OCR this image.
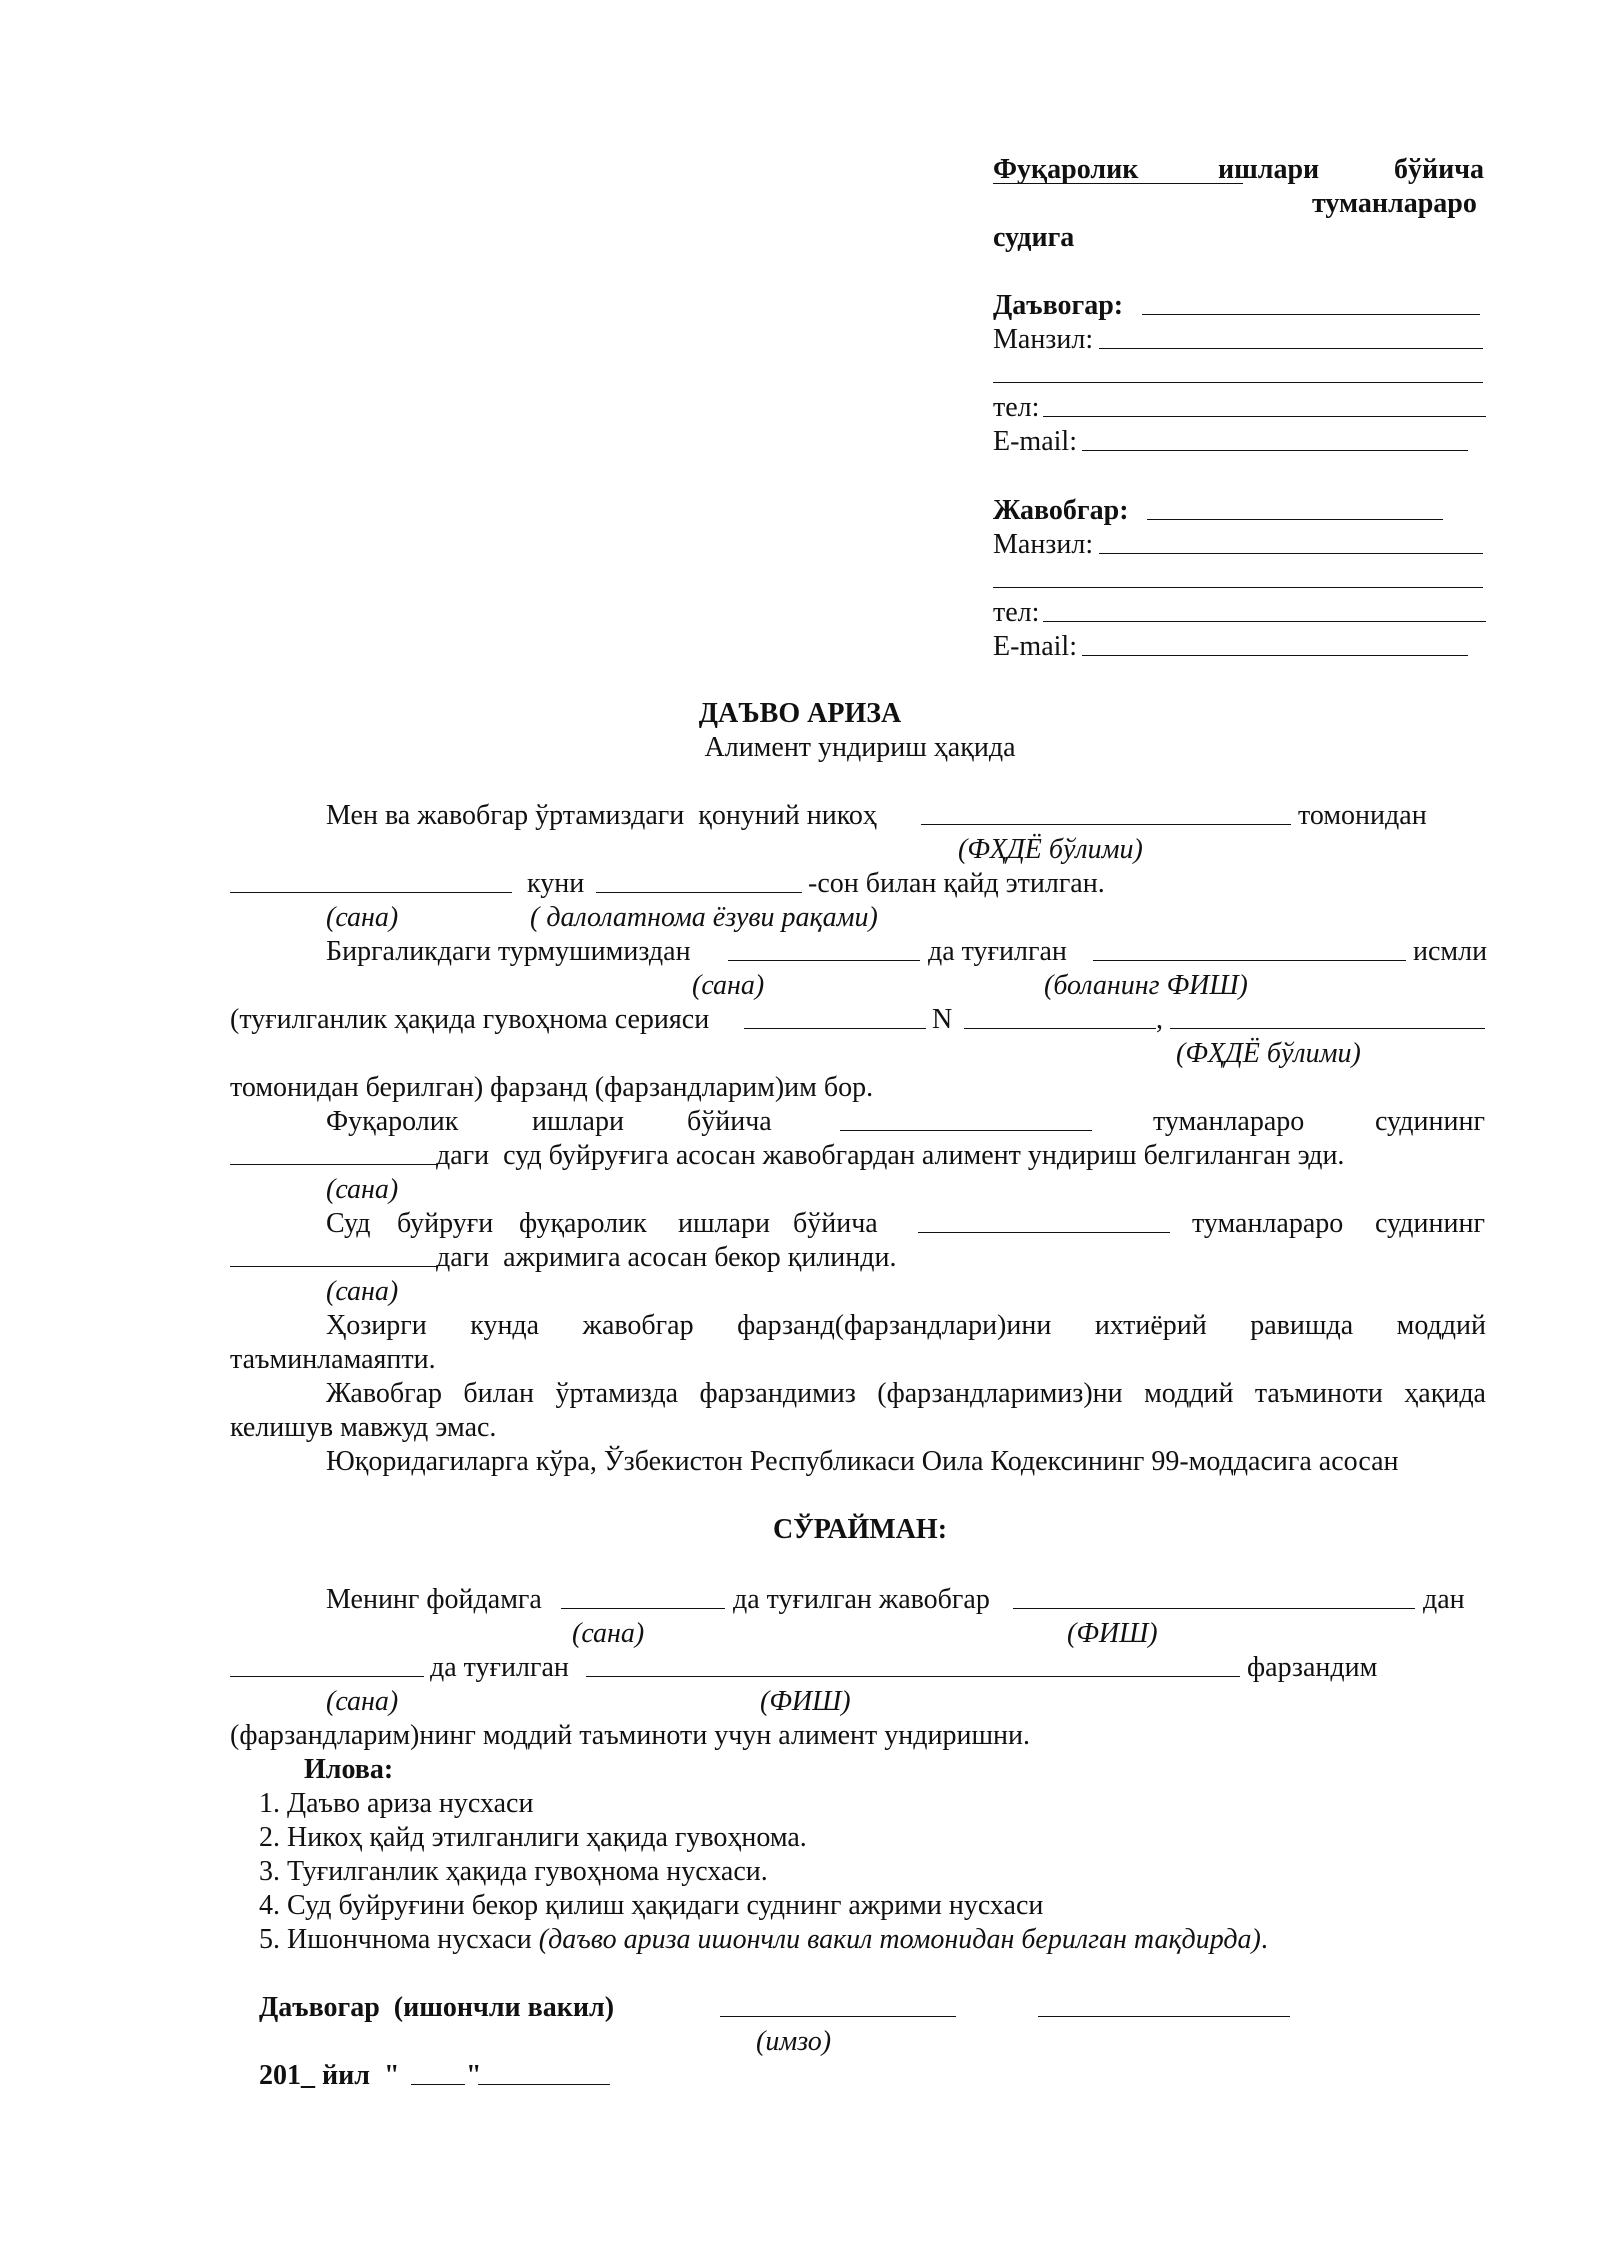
Фуқаролик	ишлари	бўйича
туманлараро
судига
Даъвогар:
Манзил:
тел:
E-mail:
Жавобгар:
Манзил:
тел:
E-mail:
ДАЪВО АРИЗА
Алимент ундириш ҳақида
Мен ва жавобгар ўртамиздаги  қонуний никоҳ	томонидан
(ФҲДЁ бўлими)
куни	-сон билан қайд этилган.
(сана)	( далолатнома ёзуви рақами)
Биргаликдаги турмушимиздан	да туғилган	исмли
(сана)	(боланинг ФИШ)
(туғилганлик ҳақида гувоҳнома серияси	N	,
(ФҲДЁ бўлими)
томонидан берилган) фарзанд (фарзандларим)им бор.
Фуқаролик	ишлари бўйича	туманлараро	судининг
даги  суд буйруғига асосан жавобгардан алимент ундириш белгиланган эди.
(сана)
Суд буйруғи фуқаролик ишлари бўйича	туманлараро судининг
даги  ажримига асосан бекор қилинди.
(сана)
Ҳозирги кунда жавобгар фарзанд(фарзандлари)ини ихтиёрий равишда моддий
таъминламаяпти.
Жавобгар билан ўртамизда фарзандимиз (фарзандларимиз)ни моддий таъминоти ҳақида
келишув мавжуд эмас.
Юқоридагиларга кўра, Ўзбекистон Республикаси Оила Кодексининг 99-моддасига асосан
СЎРАЙМАН:
Менинг фойдамга	да туғилган жавобгар	дан
(сана)	(ФИШ)
да туғилган	фарзандим
(сана)	(ФИШ)
(фарзандларим)нинг моддий таъминоти учун алимент ундиришни.
Илова:
1. Даъво ариза нусхаси
2. Никоҳ қайд этилганлиги ҳақида гувоҳнома.
3. Туғилганлик ҳақида гувоҳнома нусхаси.
4. Суд буйруғини бекор қилиш ҳақидаги суднинг ажрими нусхаси
5. Ишончнома нусхаси (даъво ариза ишончли вакил томонидан берилган тақдирда).
Даъвогар  (ишончли вакил)
(имзо)
201_ йил  " "
